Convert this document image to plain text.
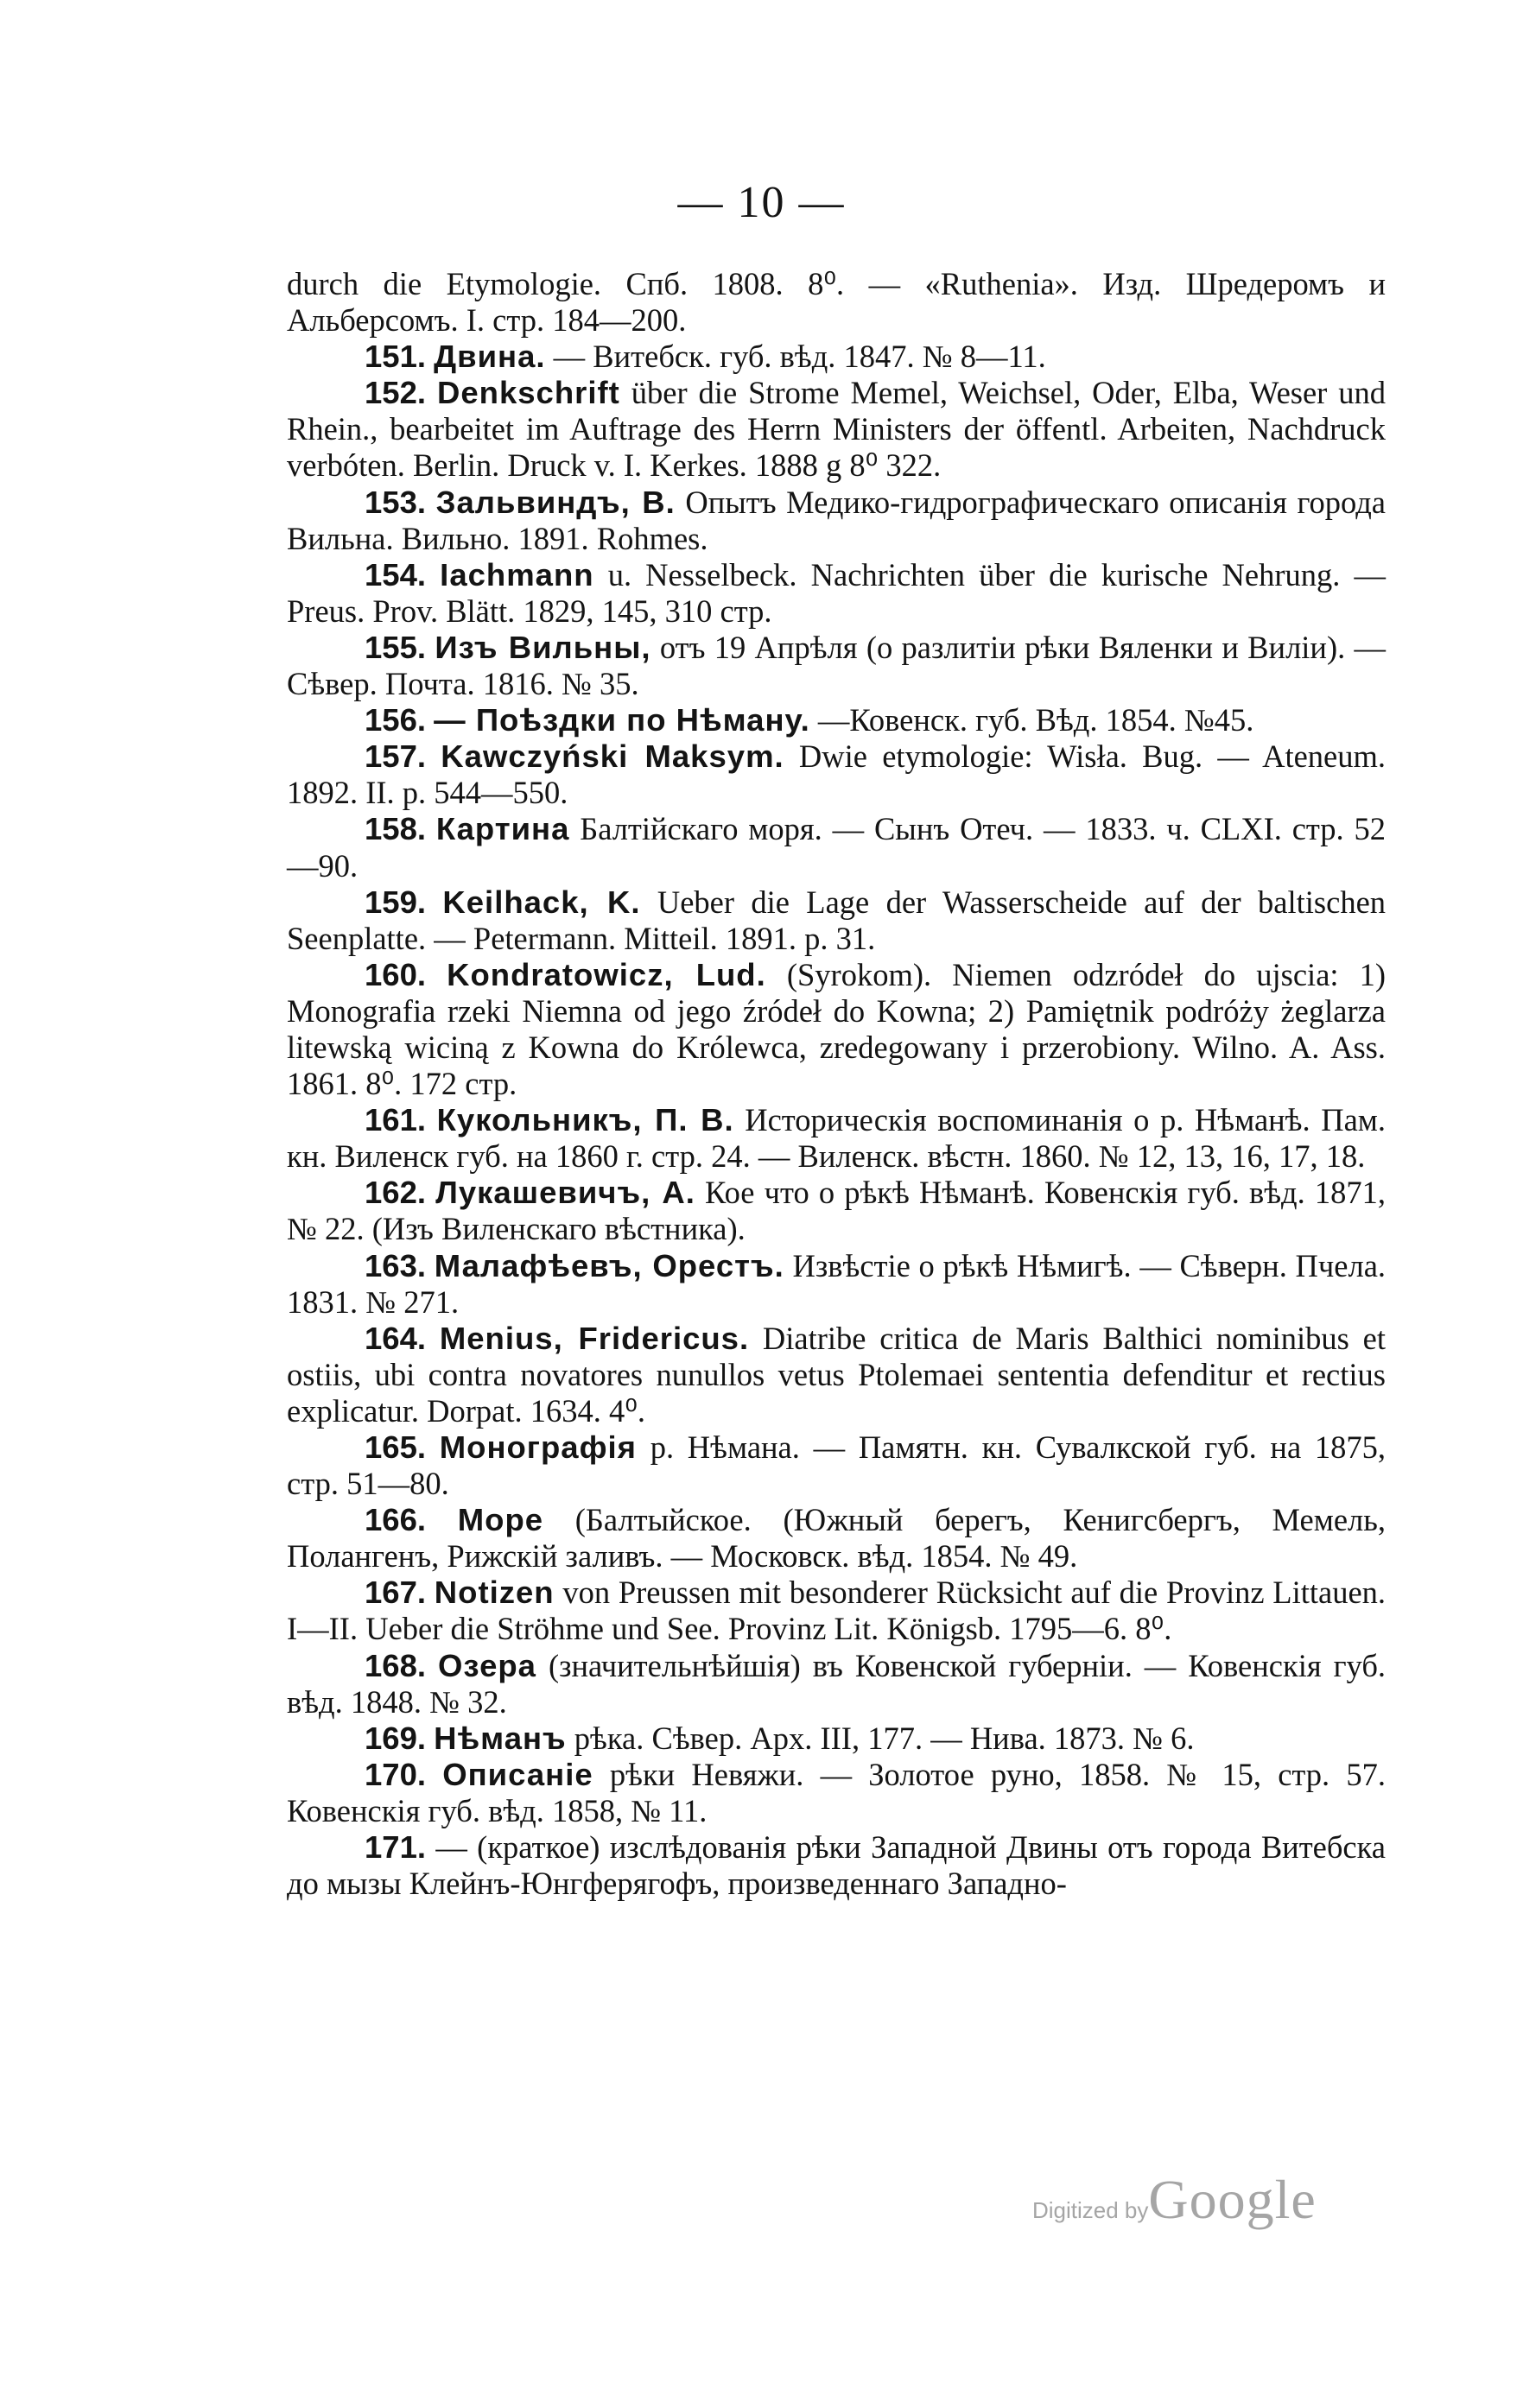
— 10 —

durch die Etymologie. Спб. 1808. 8⁰. — «Ruthenia». Изд. Шредеромъ и Альберсомъ. I. стр. 184—200.

151. Двина. — Витебск. губ. вѣд. 1847. № 8—11.

152. Denkschrift über die Strome Memel, Weichsel, Oder, Elba, Weser und Rhein., bearbeitet im Auftrage des Herrn Ministers der öffentl. Arbeiten, Nachdruck verbóten. Berlin. Druck v. I. Kerkes. 1888 g 8⁰ 322.

153. Зальвиндъ, В. Опытъ Медико-гидрографическаго описанія города Вильна. Вильно. 1891. Rohmes.

154. Iachmann u. Nesselbeck. Nachrichten über die kurische Nehrung. — Preus. Prov. Blätt. 1829, 145, 310 стр.

155. Изъ Вильны, отъ 19 Апрѣля (о разлитіи рѣки Вяленки и Виліи). — Сѣвер. Почта. 1816. № 35.

156. — Поѣздки по Нѣману. —Ковенск. губ. Вѣд. 1854. №45.

157. Kawczyński Maksym. Dwie etymologie: Wisła. Bug. — Ateneum. 1892. II. p. 544—550.

158. Картина Балтійскаго моря. — Сынъ Отеч. — 1833. ч. CLXI. стр. 52—90.

159. Keilhack, K. Ueber die Lage der Wasserscheide auf der baltischen Seenplatte. — Petermann. Mitteil. 1891. p. 31.

160. Kondratowicz, Lud. (Syrokom). Niemen odzródeł do ujscia: 1) Monografia rzeki Niemna od jego źródeł do Kowna; 2) Pamiętnik podróży żeglarza litewską wiciną z Kowna do Królewca, zredegowany i przerobiony. Wilno. A. Ass. 1861. 8⁰. 172 стр.

161. Кукольникъ, П. В. Историческія воспоминанія о р. Нѣманѣ. Пам. кн. Виленск губ. на 1860 г. стр. 24. — Виленск. вѣстн. 1860. № 12, 13, 16, 17, 18.

162. Лукашевичъ, А. Кое что о рѣкѣ Нѣманѣ. Ковенскія губ. вѣд. 1871, № 22. (Изъ Виленскаго вѣстника).

163. Малафѣевъ, Орестъ. Извѣстіе о рѣкѣ Нѣмигѣ. — Сѣверн. Пчела. 1831. № 271.

164. Menius, Fridericus. Diatribe critica de Maris Balthici nominibus et ostiis, ubi contra novatores nunullos vetus Ptolemaei sententia defenditur et rectius explicatur. Dorpat. 1634. 4⁰.

165. Монографія р. Нѣмана. — Памятн. кн. Сувалкской губ. на 1875, стр. 51—80.

166. Море (Балтыйское. (Южный берегъ, Кенигсбергъ, Мемель, Полангенъ, Рижскій заливъ. — Московск. вѣд. 1854. № 49.

167. Notizen von Preussen mit besonderer Rücksicht auf die Provinz Littauen. I—II. Ueber die Ströhme und See. Provinz Lit. Königsb. 1795—6. 8⁰.

168. Озера (значительнѣйшія) въ Ковенской губерніи. — Ковенскія губ. вѣд. 1848. № 32.

169. Нѣманъ рѣка. Сѣвер. Арх. III, 177. — Нива. 1873. № 6.

170. Описаніе рѣки Невяжи. — Золотое руно, 1858. № 15, стр. 57. Ковенскія губ. вѣд. 1858, № 11.

171. — (краткое) изслѣдованія рѣки Западной Двины отъ города Витебска до мызы Клейнъ-Юнгферягофъ, произведеннаго Западно-

Digitized byGoogle
